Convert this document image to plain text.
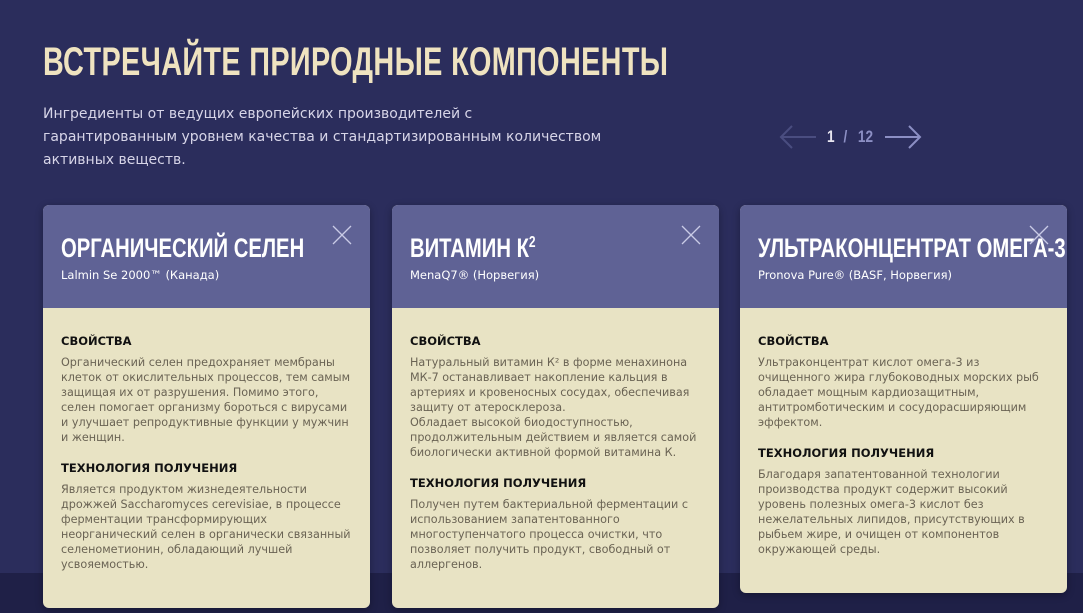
ВСТРЕЧАЙТЕ ПРИРОДНЫЕ КОМПОНЕНТЫ

Ингредиенты от ведущих европейских производителей с гарантированным уровнем качества и стандартизированным количеством активных веществ.

1 / 12
ОРГАНИЧЕСКИЙ СЕЛЕН
Lalmin Se 2000™ (Канада)
СВОЙСТВА

Органический селен предохраняет мембраны клеток от окислительных процессов, тем самым защищая их от разрушения. Помимо этого, селен помогает организму бороться с вирусами и улучшает репродуктивные функции у мужчин и женщин.

ТЕХНОЛОГИЯ ПОЛУЧЕНИЯ

Является продуктом жизнедеятельности дрожжей Saccharomyces cerevisiae, в процессе ферментации трансформирующих неорганический селен в органически связанный селенометионин, обладающий лучшей усвояемостью.

ВИТАМИН $К^2$
MenaQ7® (Норвегия)
СВОЙСТВА

Натуральный витамин К² в форме менахинона МК-7 останавливает накопление кальция в артериях и кровеносных сосудах, обеспечивая защиту от атеросклероза.
Обладает высокой биодоступностью, продолжительным действием и является самой биологически активной формой витамина К.

ТЕХНОЛОГИЯ ПОЛУЧЕНИЯ

Получен путем бактериальной ферментации с использованием запатентованного многоступенчатого процесса очистки, что позволяет получить продукт, свободный от аллергенов.

УЛЬТРАКОНЦЕНТРАТ ОМЕГА-3
Pronova Pure® (BASF, Норвегия)
СВОЙСТВА

Ультраконцентрат кислот омега-3 из очищенного жира глубоководных морских рыб обладает мощным кардиозащитным, антитромботическим и сосудорасширяющим эффектом.

ТЕХНОЛОГИЯ ПОЛУЧЕНИЯ

Благодаря запатентованной технологии производства продукт содержит высокий уровень полезных омега-3 кислот без нежелательных липидов, присутствующих в рыбьем жире, и очищен от компонентов окружающей среды.
